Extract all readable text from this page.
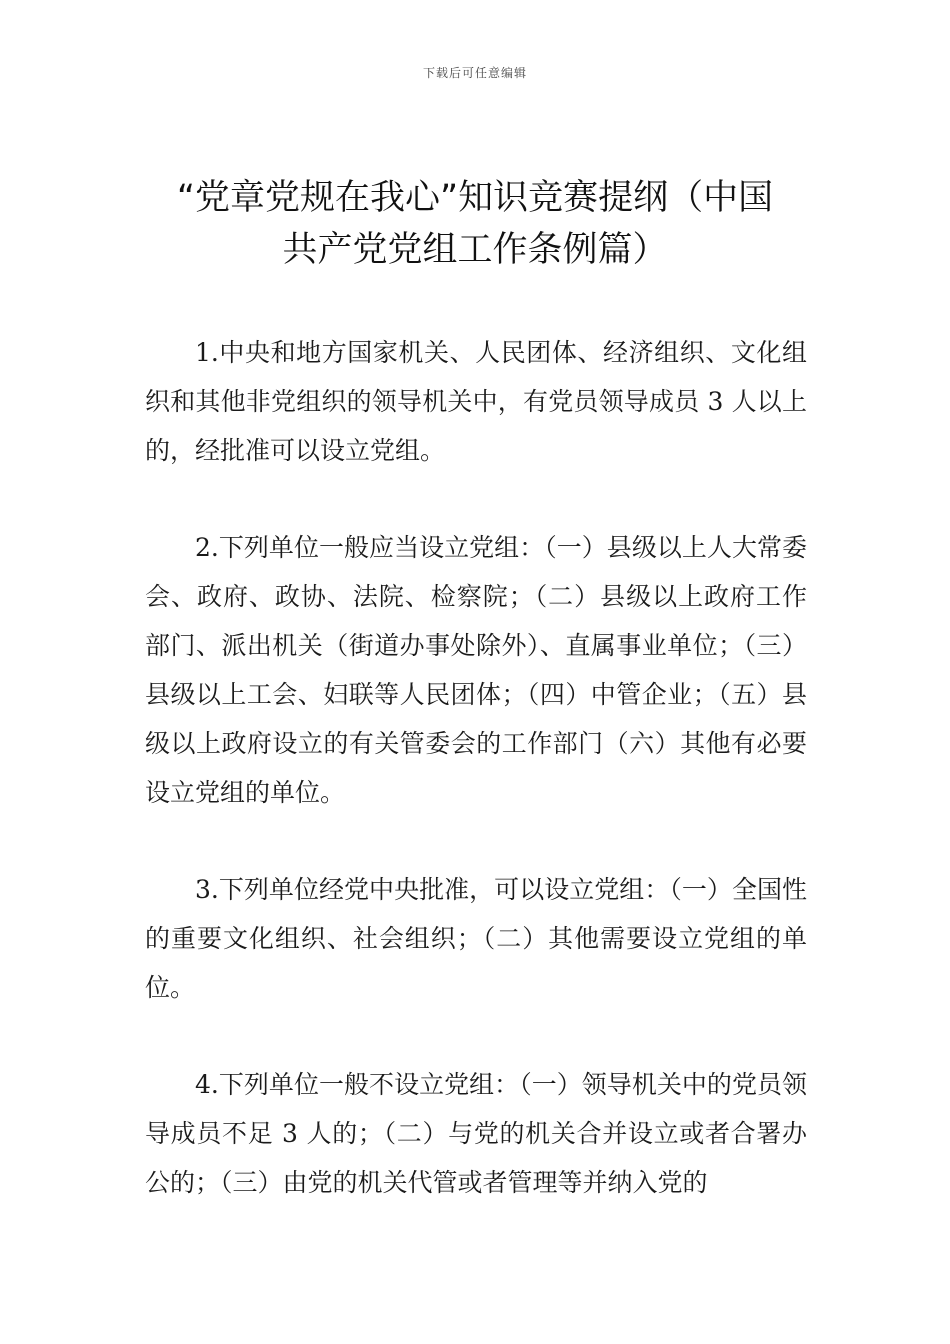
下载后可任意编辑
“党章党规在我心”知识竞赛提纲（中国
共产党党组工作条例篇）

1.中央和地方国家机关、人民团体、经济组织、文化组织和其他非党组织的领导机关中，有党员领导成员 3 人以上的，经批准可以设立党组。

2.下列单位一般应当设立党组：（一）县级以上人大常委会、政府、政协、法院、检察院；（二）县级以上政府工作部门、派出机关（街道办事处除外）、直属事业单位；（三）县级以上工会、妇联等人民团体；（四）中管企业；（五）县级以上政府设立的有关管委会的工作部门（六）其他有必要设立党组的单位。

3.下列单位经党中央批准，可以设立党组：（一）全国性的重要文化组织、社会组织；（二）其他需要设立党组的单位。

4.下列单位一般不设立党组：（一）领导机关中的党员领导成员不足 3 人的；（二）与党的机关合并设立或者合署办公的；（三）由党的机关代管或者管理等并纳入党的
